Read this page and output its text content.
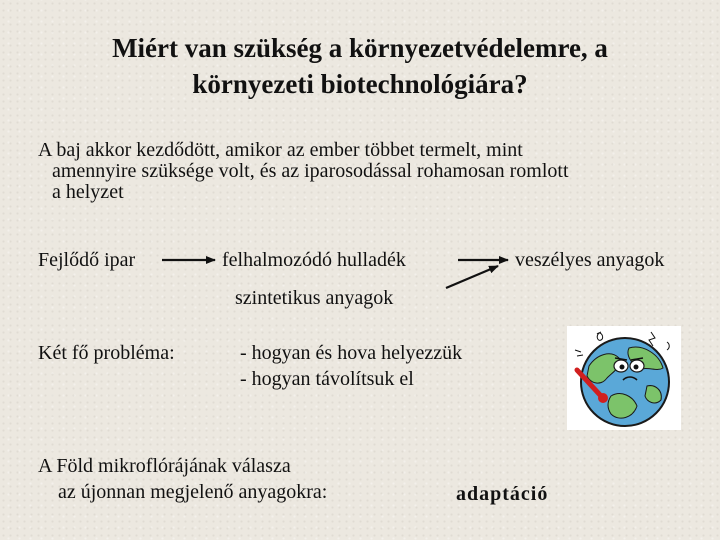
Miért van szükség a környezetvédelemre, a
környezeti biotechnológiára?
A baj akkor kezdődött, amikor az ember többet termelt, mint
amennyire szüksége volt, és az iparosodással rohamosan romlott
a helyzet
Fejlődő ipar	felhalmozódó hulladék	veszélyes anyagok
szintetikus anyagok
Két fő probléma:	- hogyan és hova helyezzük
- hogyan távolítsuk el
A Föld mikroflórájának válasza
az újonnan megjelenő anyagokra:	adaptáció
